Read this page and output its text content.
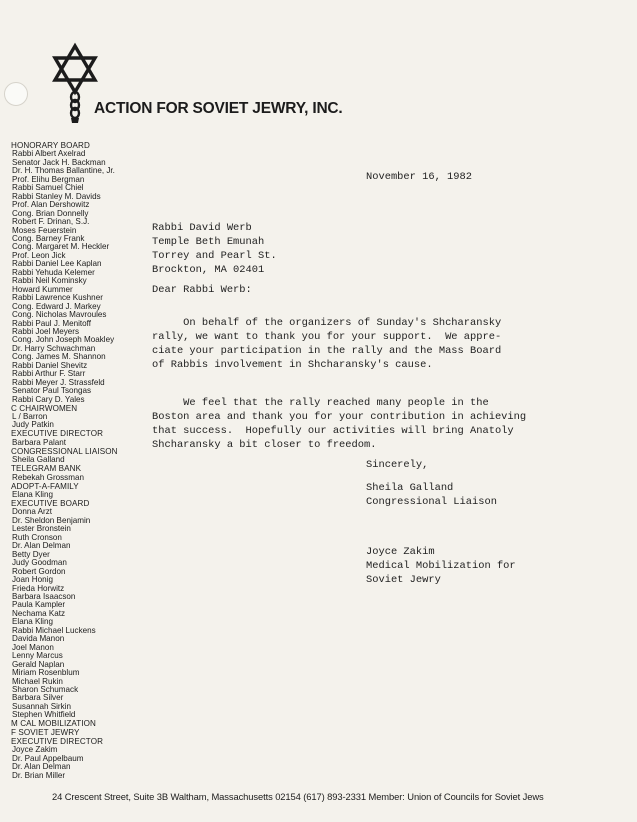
ACTION FOR SOVIET JEWRY, INC.
HONORARY BOARD
Rabbi Albert Axelrad
Senator Jack H. Backman
Dr. H. Thomas Ballantine, Jr.
Prof. Elihu Bergman
Rabbi Samuel Chiel
Rabbi Stanley M. Davids
Prof. Alan Dershowitz
Cong. Brian Donnelly
Robert F. Drinan, S.J.
Moses Feuerstein
Cong. Barney Frank
Cong. Margaret M. Heckler
Prof. Leon Jick
Rabbi Daniel Lee Kaplan
Rabbi Yehuda Kelemer
Rabbi Neil Kominsky
Howard Kummer
Rabbi Lawrence Kushner
Cong. Edward J. Markey
Cong. Nicholas Mavroules
Rabbi Paul J. Menitoff
Rabbi Joel Meyers
Cong. John Joseph Moakley
Dr. Harry Schwachman
Cong. James M. Shannon
Rabbi Daniel Shevitz
Rabbi Arthur F. Starr
Rabbi Meyer J. Strassfeld
Senator Paul Tsongas
Rabbi Cary D. Yales
C CHAIRWOMEN
L / Barron
Judy Patkin
EXECUTIVE DIRECTOR
Barbara Palant
CONGRESSIONAL LIAISON
Sheila Galland
TELEGRAM BANK
Rebekah Grossman
ADOPT-A-FAMILY
Elana Kling
EXECUTIVE BOARD
Donna Arzt
Dr. Sheldon Benjamin
Lester Bronstein
Ruth Cronson
Dr. Alan Delman
Betty Dyer
Judy Goodman
Robert Gordon
Joan Honig
Frieda Horwitz
Barbara Isaacson
Paula Kampler
Nechama Katz
Elana Kling
Rabbi Michael Luckens
Davida Manon
Joel Manon
Lenny Marcus
Gerald Naplan
Miriam Rosenblum
Michael Rukin
Sharon Schumack
Barbara Silver
Susannah Sirkin
Stephen Whitfield
M CAL MOBILIZATION
F SOVIET JEWRY
EXECUTIVE DIRECTOR
Joyce Zakim
Dr. Paul Appelbaum
Dr. Alan Delman
Dr. Brian Miller
November 16, 1982
Rabbi David Werb
Temple Beth Emunah
Torrey and Pearl St.
Brockton, MA 02401
Dear Rabbi Werb:
On behalf of the organizers of Sunday's Shcharansky
rally, we want to thank you for your support.  We appre-
ciate your participation in the rally and the Mass Board
of Rabbis involvement in Shcharansky's cause.
We feel that the rally reached many people in the
Boston area and thank you for your contribution in achieving
that success.  Hopefully our activities will bring Anatoly
Shcharansky a bit closer to freedom.
Sincerely,
Sheila Galland
Congressional Liaison
Joyce Zakim
Medical Mobilization for
Soviet Jewry
24 Crescent Street, Suite 3B Waltham, Massachusetts 02154 (617) 893-2331 Member: Union of Councils for Soviet Jews
